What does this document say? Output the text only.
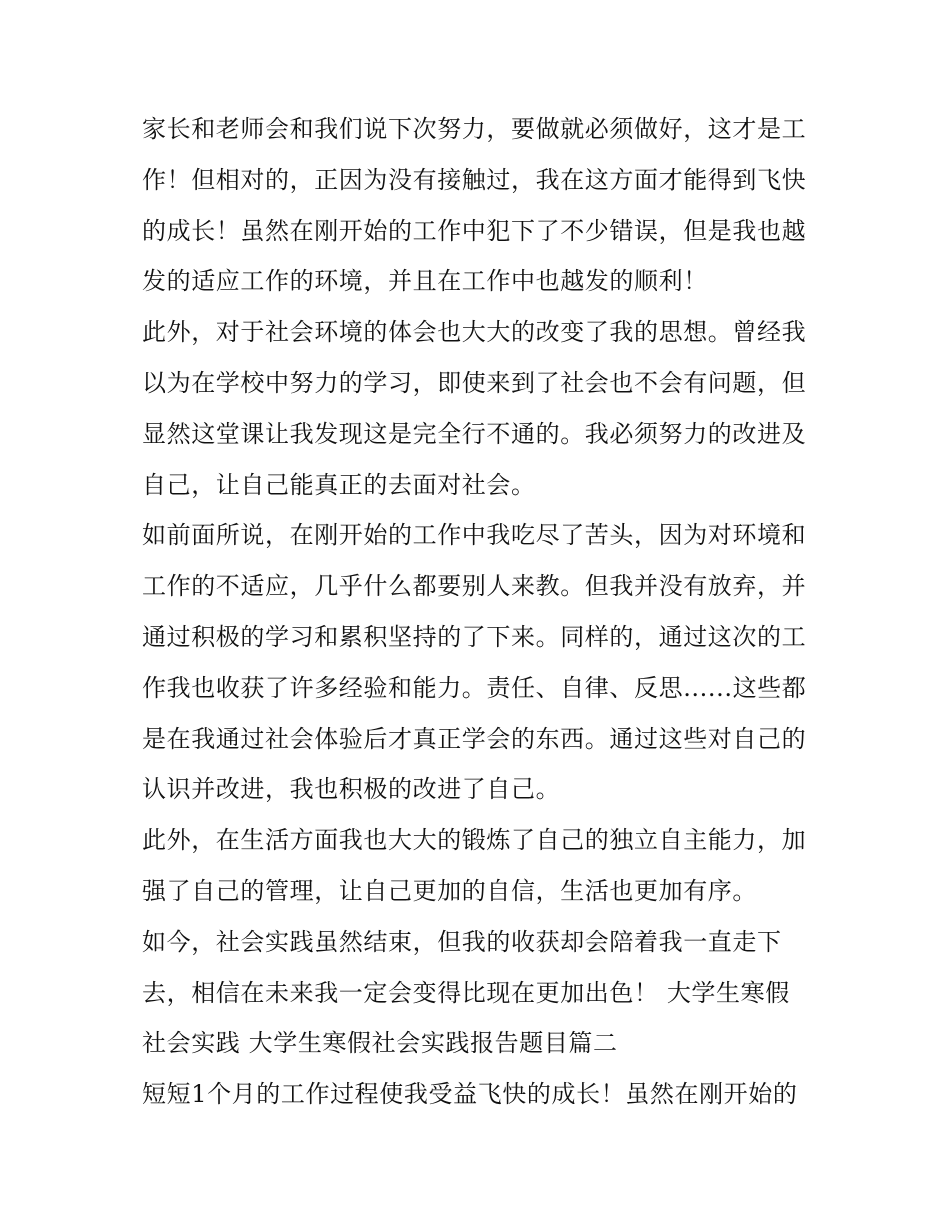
家长和老师会和我们说下次努力，要做就必须做好，这才是工
作！但相对的，正因为没有接触过，我在这方面才能得到飞快
的成长！虽然在刚开始的工作中犯下了不少错误，但是我也越
发的适应工作的环境，并且在工作中也越发的顺利！
此外，对于社会环境的体会也大大的改变了我的思想。曾经我
以为在学校中努力的学习，即使来到了社会也不会有问题，但
显然这堂课让我发现这是完全行不通的。我必须努力的改进及
自己，让自己能真正的去面对社会。
如前面所说，在刚开始的工作中我吃尽了苦头，因为对环境和
工作的不适应，几乎什么都要别人来教。但我并没有放弃，并
通过积极的学习和累积坚持的了下来。同样的，通过这次的工
作我也收获了许多经验和能力。责任、自律、反思......这些都
是在我通过社会体验后才真正学会的东西。通过这些对自己的
认识并改进，我也积极的改进了自己。
此外，在生活方面我也大大的锻炼了自己的独立自主能力，加
强了自己的管理，让自己更加的自信，生活也更加有序。
如今，社会实践虽然结束，但我的收获却会陪着我一直走下
去，相信在未来我一定会变得比现在更加出色！ 大学生寒假
社会实践 大学生寒假社会实践报告题目篇二
短短1个月的工作过程使我受益飞快的成长！虽然在刚开始的
